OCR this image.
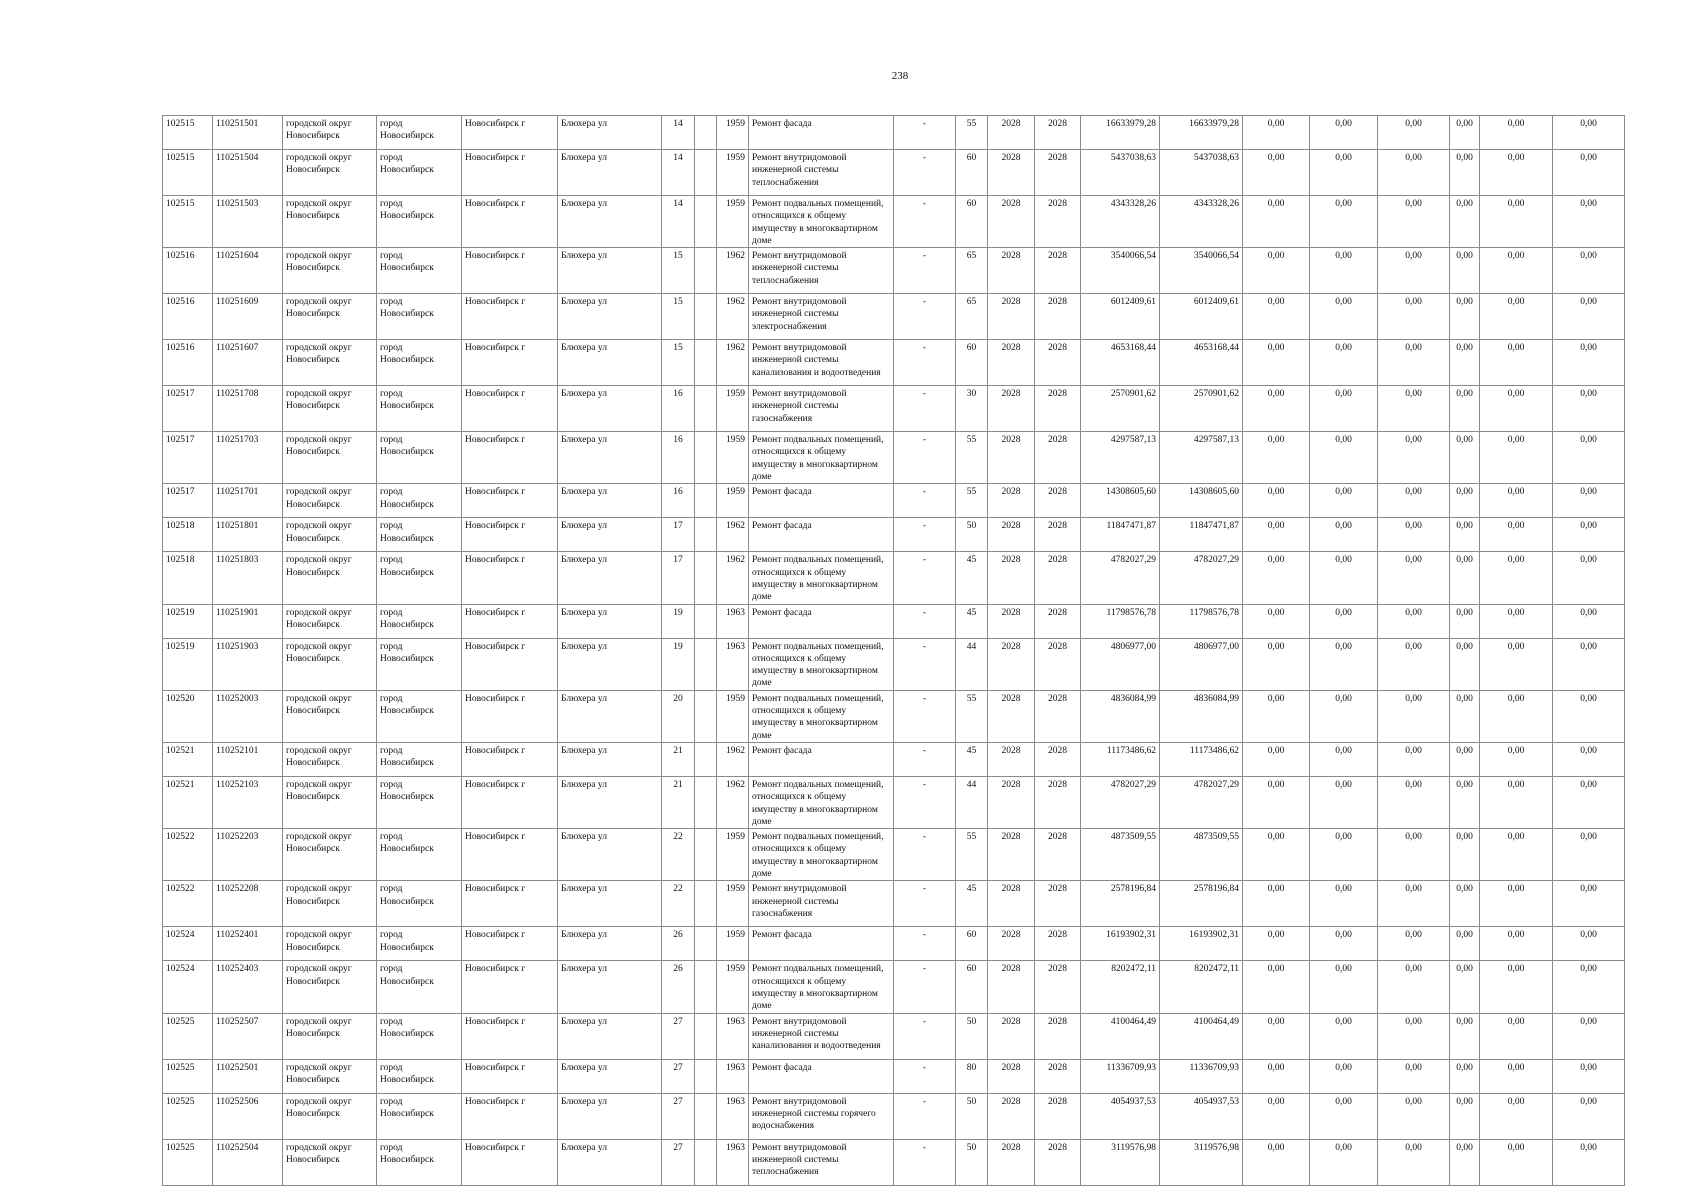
238
102515	110251501	городской округ Новосибирск	город Новосибирск	Новосибирск г	Блюхера ул	14		1959	Ремонт фасада	-	55	2028	2028	16633979,28	16633979,28	0,00	0,00	0,00	0,00	0,00	0,00
102515	110251504	городской округ Новосибирск	город Новосибирск	Новосибирск г	Блюхера ул	14		1959	Ремонт внутридомовой инженерной системы теплоснабжения	-	60	2028	2028	5437038,63	5437038,63	0,00	0,00	0,00	0,00	0,00	0,00
102515	110251503	городской округ Новосибирск	город Новосибирск	Новосибирск г	Блюхера ул	14		1959	Ремонт подвальных помещений, относящихся к общему имуществу в многоквартирном доме	-	60	2028	2028	4343328,26	4343328,26	0,00	0,00	0,00	0,00	0,00	0,00
102516	110251604	городской округ Новосибирск	город Новосибирск	Новосибирск г	Блюхера ул	15		1962	Ремонт внутридомовой инженерной системы теплоснабжения	-	65	2028	2028	3540066,54	3540066,54	0,00	0,00	0,00	0,00	0,00	0,00
102516	110251609	городской округ Новосибирск	город Новосибирск	Новосибирск г	Блюхера ул	15		1962	Ремонт внутридомовой инженерной системы электроснабжения	-	65	2028	2028	6012409,61	6012409,61	0,00	0,00	0,00	0,00	0,00	0,00
102516	110251607	городской округ Новосибирск	город Новосибирск	Новосибирск г	Блюхера ул	15		1962	Ремонт внутридомовой инженерной системы канализования и водоотведения	-	60	2028	2028	4653168,44	4653168,44	0,00	0,00	0,00	0,00	0,00	0,00
102517	110251708	городской округ Новосибирск	город Новосибирск	Новосибирск г	Блюхера ул	16		1959	Ремонт внутридомовой инженерной системы газоснабжения	-	30	2028	2028	2570901,62	2570901,62	0,00	0,00	0,00	0,00	0,00	0,00
102517	110251703	городской округ Новосибирск	город Новосибирск	Новосибирск г	Блюхера ул	16		1959	Ремонт подвальных помещений, относящихся к общему имуществу в многоквартирном доме	-	55	2028	2028	4297587,13	4297587,13	0,00	0,00	0,00	0,00	0,00	0,00
102517	110251701	городской округ Новосибирск	город Новосибирск	Новосибирск г	Блюхера ул	16		1959	Ремонт фасада	-	55	2028	2028	14308605,60	14308605,60	0,00	0,00	0,00	0,00	0,00	0,00
102518	110251801	городской округ Новосибирск	город Новосибирск	Новосибирск г	Блюхера ул	17		1962	Ремонт фасада	-	50	2028	2028	11847471,87	11847471,87	0,00	0,00	0,00	0,00	0,00	0,00
102518	110251803	городской округ Новосибирск	город Новосибирск	Новосибирск г	Блюхера ул	17		1962	Ремонт подвальных помещений, относящихся к общему имуществу в многоквартирном доме	-	45	2028	2028	4782027,29	4782027,29	0,00	0,00	0,00	0,00	0,00	0,00
102519	110251901	городской округ Новосибирск	город Новосибирск	Новосибирск г	Блюхера ул	19		1963	Ремонт фасада	-	45	2028	2028	11798576,78	11798576,78	0,00	0,00	0,00	0,00	0,00	0,00
102519	110251903	городской округ Новосибирск	город Новосибирск	Новосибирск г	Блюхера ул	19		1963	Ремонт подвальных помещений, относящихся к общему имуществу в многоквартирном доме	-	44	2028	2028	4806977,00	4806977,00	0,00	0,00	0,00	0,00	0,00	0,00
102520	110252003	городской округ Новосибирск	город Новосибирск	Новосибирск г	Блюхера ул	20		1959	Ремонт подвальных помещений, относящихся к общему имуществу в многоквартирном доме	-	55	2028	2028	4836084,99	4836084,99	0,00	0,00	0,00	0,00	0,00	0,00
102521	110252101	городской округ Новосибирск	город Новосибирск	Новосибирск г	Блюхера ул	21		1962	Ремонт фасада	-	45	2028	2028	11173486,62	11173486,62	0,00	0,00	0,00	0,00	0,00	0,00
102521	110252103	городской округ Новосибирск	город Новосибирск	Новосибирск г	Блюхера ул	21		1962	Ремонт подвальных помещений, относящихся к общему имуществу в многоквартирном доме	-	44	2028	2028	4782027,29	4782027,29	0,00	0,00	0,00	0,00	0,00	0,00
102522	110252203	городской округ Новосибирск	город Новосибирск	Новосибирск г	Блюхера ул	22		1959	Ремонт подвальных помещений, относящихся к общему имуществу в многоквартирном доме	-	55	2028	2028	4873509,55	4873509,55	0,00	0,00	0,00	0,00	0,00	0,00
102522	110252208	городской округ Новосибирск	город Новосибирск	Новосибирск г	Блюхера ул	22		1959	Ремонт внутридомовой инженерной системы газоснабжения	-	45	2028	2028	2578196,84	2578196,84	0,00	0,00	0,00	0,00	0,00	0,00
102524	110252401	городской округ Новосибирск	город Новосибирск	Новосибирск г	Блюхера ул	26		1959	Ремонт фасада	-	60	2028	2028	16193902,31	16193902,31	0,00	0,00	0,00	0,00	0,00	0,00
102524	110252403	городской округ Новосибирск	город Новосибирск	Новосибирск г	Блюхера ул	26		1959	Ремонт подвальных помещений, относящихся к общему имуществу в многоквартирном доме	-	60	2028	2028	8202472,11	8202472,11	0,00	0,00	0,00	0,00	0,00	0,00
102525	110252507	городской округ Новосибирск	город Новосибирск	Новосибирск г	Блюхера ул	27		1963	Ремонт внутридомовой инженерной системы канализования и водоотведения	-	50	2028	2028	4100464,49	4100464,49	0,00	0,00	0,00	0,00	0,00	0,00
102525	110252501	городской округ Новосибирск	город Новосибирск	Новосибирск г	Блюхера ул	27		1963	Ремонт фасада	-	80	2028	2028	11336709,93	11336709,93	0,00	0,00	0,00	0,00	0,00	0,00
102525	110252506	городской округ Новосибирск	город Новосибирск	Новосибирск г	Блюхера ул	27		1963	Ремонт внутридомовой инженерной системы горячего водоснабжения	-	50	2028	2028	4054937,53	4054937,53	0,00	0,00	0,00	0,00	0,00	0,00
102525	110252504	городской округ Новосибирск	город Новосибирск	Новосибирск г	Блюхера ул	27		1963	Ремонт внутридомовой инженерной системы теплоснабжения	-	50	2028	2028	3119576,98	3119576,98	0,00	0,00	0,00	0,00	0,00	0,00
